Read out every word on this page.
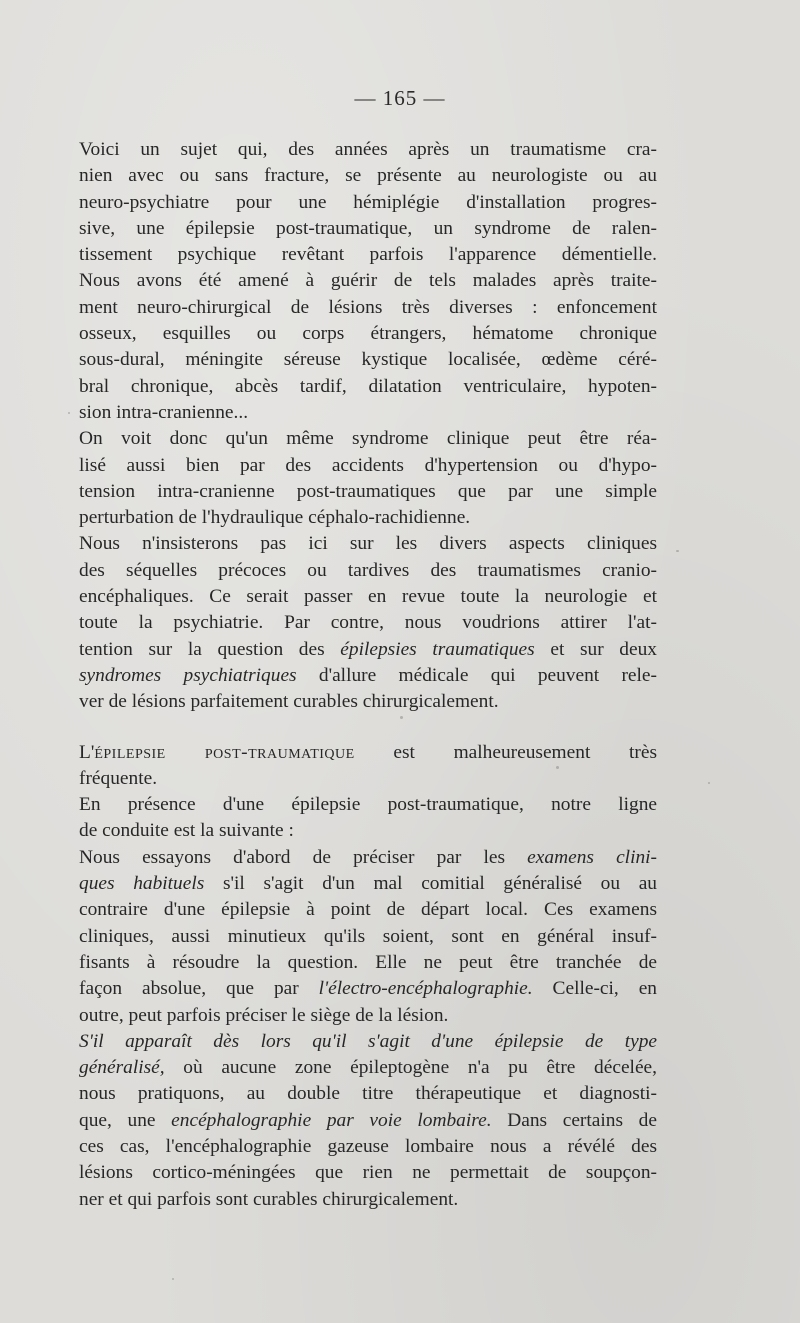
— 165 —
Voici un sujet qui, des années après un traumatisme cra-
nien avec ou sans fracture, se présente au neurologiste ou au
neuro-psychiatre pour une hémiplégie d'installation progres-
sive, une épilepsie post-traumatique, un syndrome de ralen-
tissement psychique revêtant parfois l'apparence démentielle.
Nous avons été amené à guérir de tels malades après traite-
ment neuro-chirurgical de lésions très diverses : enfoncement
osseux, esquilles ou corps étrangers, hématome chronique
sous-dural, méningite séreuse kystique localisée, œdème céré-
bral chronique, abcès tardif, dilatation ventriculaire, hypoten-
sion intra-cranienne...
On voit donc qu'un même syndrome clinique peut être réa-
lisé aussi bien par des accidents d'hypertension ou d'hypo-
tension intra-cranienne post-traumatiques que par une simple
perturbation de l'hydraulique céphalo-rachidienne.
Nous n'insisterons pas ici sur les divers aspects cliniques
des séquelles précoces ou tardives des traumatismes cranio-
encéphaliques. Ce serait passer en revue toute la neurologie et
toute la psychiatrie. Par contre, nous voudrions attirer l'at-
tention sur la question des épilepsies traumatiques et sur deux
syndromes psychiatriques d'allure médicale qui peuvent rele-
ver de lésions parfaitement curables chirurgicalement.
L'épilepsie post-traumatique est malheureusement très
fréquente.
En présence d'une épilepsie post-traumatique, notre ligne
de conduite est la suivante :
Nous essayons d'abord de préciser par les examens clini-
ques habituels s'il s'agit d'un mal comitial généralisé ou au
contraire d'une épilepsie à point de départ local. Ces examens
cliniques, aussi minutieux qu'ils soient, sont en général insuf-
fisants à résoudre la question. Elle ne peut être tranchée de
façon absolue, que par l'électro-encéphalographie. Celle-ci, en
outre, peut parfois préciser le siège de la lésion.
S'il apparaît dès lors qu'il s'agit d'une épilepsie de type
généralisé, où aucune zone épileptogène n'a pu être décelée,
nous pratiquons, au double titre thérapeutique et diagnosti-
que, une encéphalographie par voie lombaire. Dans certains de
ces cas, l'encéphalographie gazeuse lombaire nous a révélé des
lésions cortico-méningées que rien ne permettait de soupçon-
ner et qui parfois sont curables chirurgicalement.
